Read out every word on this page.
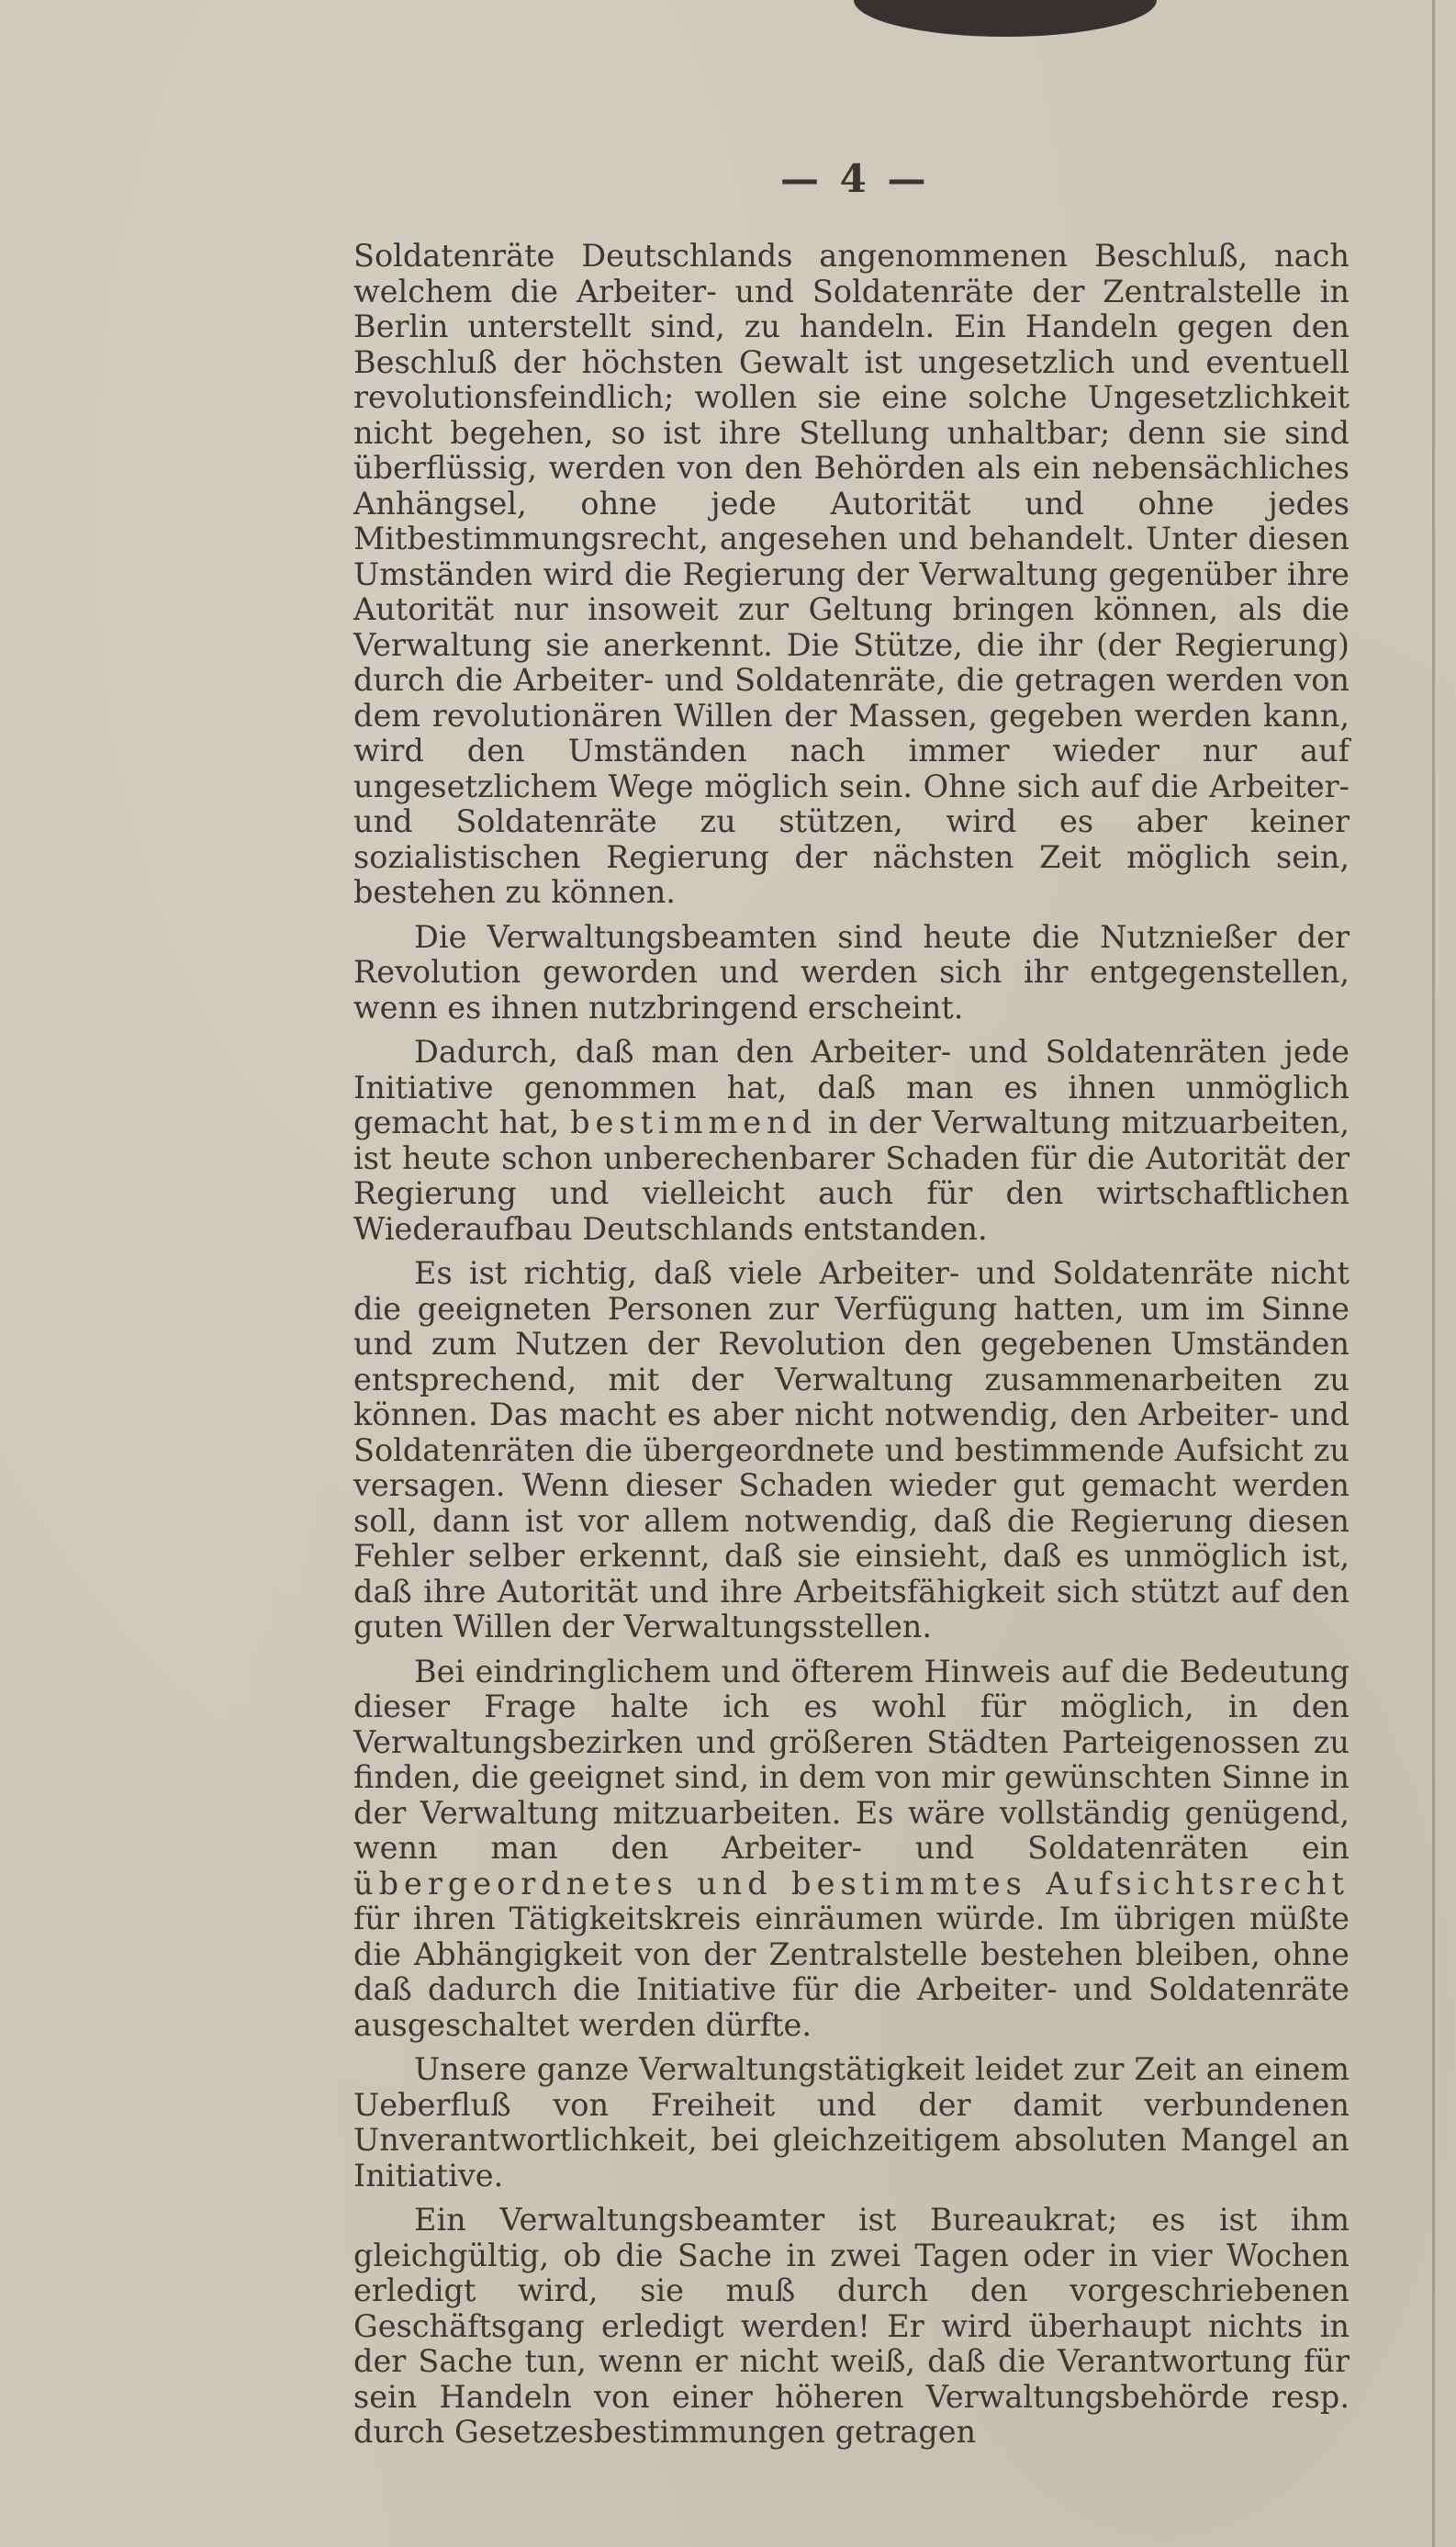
— 4 —

Soldatenräte Deutschlands angenommenen Beschluß, nach welchem die Arbeiter- und Soldatenräte der Zentralstelle in Berlin unterstellt sind, zu handeln. Ein Handeln gegen den Beschluß der höchsten Gewalt ist ungesetzlich und eventuell revolutionsfeindlich; wollen sie eine solche Ungesetzlichkeit nicht begehen, so ist ihre Stellung unhaltbar; denn sie sind überflüssig, werden von den Behörden als ein nebensächliches Anhängsel, ohne jede Autorität und ohne jedes Mitbestimmungsrecht, angesehen und behandelt. Unter diesen Umständen wird die Regierung der Verwaltung gegenüber ihre Autorität nur insoweit zur Geltung bringen können, als die Verwaltung sie anerkennt. Die Stütze, die ihr (der Regierung) durch die Arbeiter- und Soldatenräte, die getragen werden von dem revolutionären Willen der Massen, gegeben werden kann, wird den Umständen nach immer wieder nur auf ungesetzlichem Wege möglich sein. Ohne sich auf die Arbeiter- und Soldatenräte zu stützen, wird es aber keiner sozialistischen Regierung der nächsten Zeit möglich sein, bestehen zu können.

Die Verwaltungsbeamten sind heute die Nutznießer der Revolution geworden und werden sich ihr entgegenstellen, wenn es ihnen nutzbringend erscheint.

Dadurch, daß man den Arbeiter- und Soldatenräten jede Initiative genommen hat, daß man es ihnen unmöglich gemacht hat, bestimmend in der Verwaltung mitzuarbeiten, ist heute schon unberechenbarer Schaden für die Autorität der Regierung und vielleicht auch für den wirtschaftlichen Wiederaufbau Deutschlands entstanden.

Es ist richtig, daß viele Arbeiter- und Soldatenräte nicht die geeigneten Personen zur Verfügung hatten, um im Sinne und zum Nutzen der Revolution den gegebenen Umständen entsprechend, mit der Verwaltung zusammenarbeiten zu können. Das macht es aber nicht notwendig, den Arbeiter- und Soldatenräten die übergeordnete und bestimmende Aufsicht zu versagen. Wenn dieser Schaden wieder gut gemacht werden soll, dann ist vor allem notwendig, daß die Regierung diesen Fehler selber erkennt, daß sie einsieht, daß es unmöglich ist, daß ihre Autorität und ihre Arbeitsfähigkeit sich stützt auf den guten Willen der Verwaltungsstellen.

Bei eindringlichem und öfterem Hinweis auf die Bedeutung dieser Frage halte ich es wohl für möglich, in den Verwaltungsbezirken und größeren Städten Parteigenossen zu finden, die geeignet sind, in dem von mir gewünschten Sinne in der Verwaltung mitzuarbeiten. Es wäre vollständig genügend, wenn man den Arbeiter- und Soldatenräten ein übergeordnetes und bestimmtes Aufsichtsrecht für ihren Tätigkeitskreis einräumen würde. Im übrigen müßte die Abhängigkeit von der Zentralstelle bestehen bleiben, ohne daß dadurch die Initiative für die Arbeiter- und Soldatenräte ausgeschaltet werden dürfte.

Unsere ganze Verwaltungstätigkeit leidet zur Zeit an einem Ueberfluß von Freiheit und der damit verbundenen Unverantwortlichkeit, bei gleichzeitigem absoluten Mangel an Initiative.

Ein Verwaltungsbeamter ist Bureaukrat; es ist ihm gleichgültig, ob die Sache in zwei Tagen oder in vier Wochen erledigt wird, sie muß durch den vorgeschriebenen Geschäftsgang erledigt werden! Er wird überhaupt nichts in der Sache tun, wenn er nicht weiß, daß die Verantwortung für sein Handeln von einer höheren Verwaltungsbehörde resp. durch Gesetzesbestimmungen getragen
